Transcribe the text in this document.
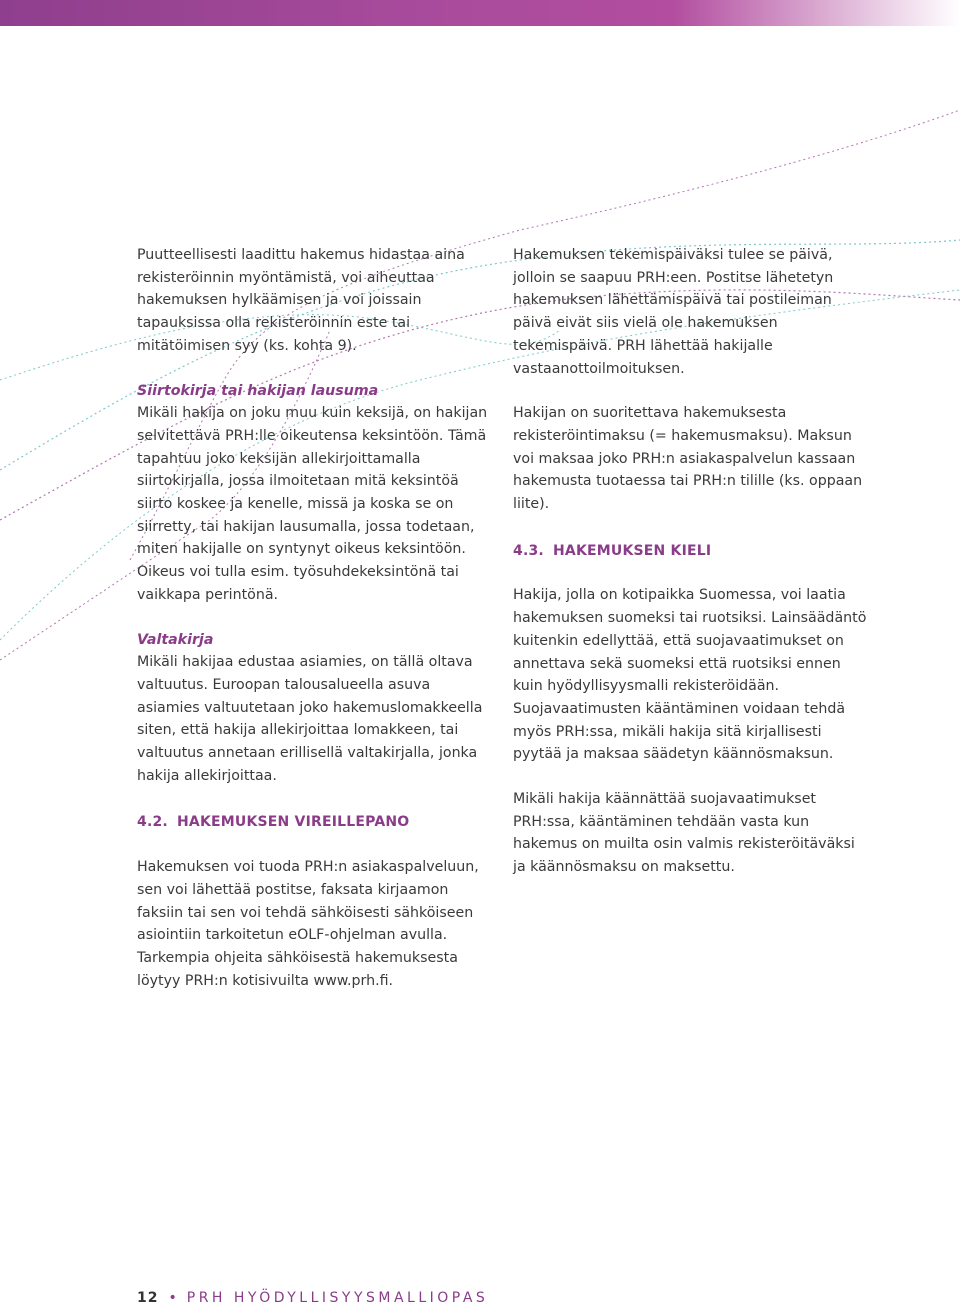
Puutteellisesti laadittu hakemus hidastaa aina rekisteröinnin myöntämistä, voi aiheuttaa hakemuksen hylkäämisen ja voi joissain tapauksissa olla rekisteröinnin este tai mitätöimisen syy (ks. kohta 9).

Siirtokirja tai hakijan lausuma

Mikäli hakija on joku muu kuin keksijä, on hakijan selvitettävä PRH:lle oikeutensa keksintöön. Tämä tapahtuu joko keksijän allekirjoittamalla siirtokirjalla, jossa ilmoitetaan mitä keksintöä siirto koskee ja kenelle, missä ja koska se on siirretty, tai hakijan lausumalla, jossa todetaan, miten hakijalle on syntynyt oikeus keksintöön. Oikeus voi tulla esim. työsuhdekeksintönä tai vaikkapa perintönä.

Valtakirja

Mikäli hakijaa edustaa asiamies, on tällä oltava valtuutus. Euroopan talousalueella asuva asiamies valtuutetaan joko hakemuslomakkeella siten, että hakija allekirjoittaa lomakkeen, tai valtuutus annetaan erillisellä valtakirjalla, jonka hakija allekirjoittaa.

4.2. HAKEMUKSEN VIREILLEPANO

Hakemuksen voi tuoda PRH:n asiakaspalveluun, sen voi lähettää postitse, faksata kirjaamon faksiin tai sen voi tehdä sähköisesti sähköiseen asiointiin tarkoitetun eOLF-ohjelman avulla. Tarkempia ohjeita sähköisestä hakemuksesta löytyy PRH:n kotisivuilta www.prh.fi.

Hakemuksen tekemispäiväksi tulee se päivä, jolloin se saapuu PRH:een. Postitse lähetetyn hakemuksen lähettämispäivä tai postileiman päivä eivät siis vielä ole hakemuksen tekemispäivä. PRH lähettää hakijalle vastaanottoilmoituksen.

Hakijan on suoritettava hakemuksesta rekisteröintimaksu (= hakemusmaksu). Maksun voi maksaa joko PRH:n asiakaspalvelun kassaan hakemusta tuotaessa tai PRH:n tilille (ks. oppaan liite).

4.3. HAKEMUKSEN KIELI

Hakija, jolla on kotipaikka Suomessa, voi laatia hakemuksen suomeksi tai ruotsiksi. Lainsäädäntö kuitenkin edellyttää, että suojavaatimukset on annettava sekä suomeksi että ruotsiksi ennen kuin hyödyllisyysmalli rekisteröidään. Suojavaatimusten kääntäminen voidaan tehdä myös PRH:ssa, mikäli hakija sitä kirjallisesti pyytää ja maksaa säädetyn käännösmaksun.

Mikäli hakija käännättää suojavaatimukset PRH:ssa, kääntäminen tehdään vasta kun hakemus on muilta osin valmis rekisteröitäväksi ja käännösmaksu on maksettu.

12 • PRH HYÖDYLLISYYSMALLIOPAS
